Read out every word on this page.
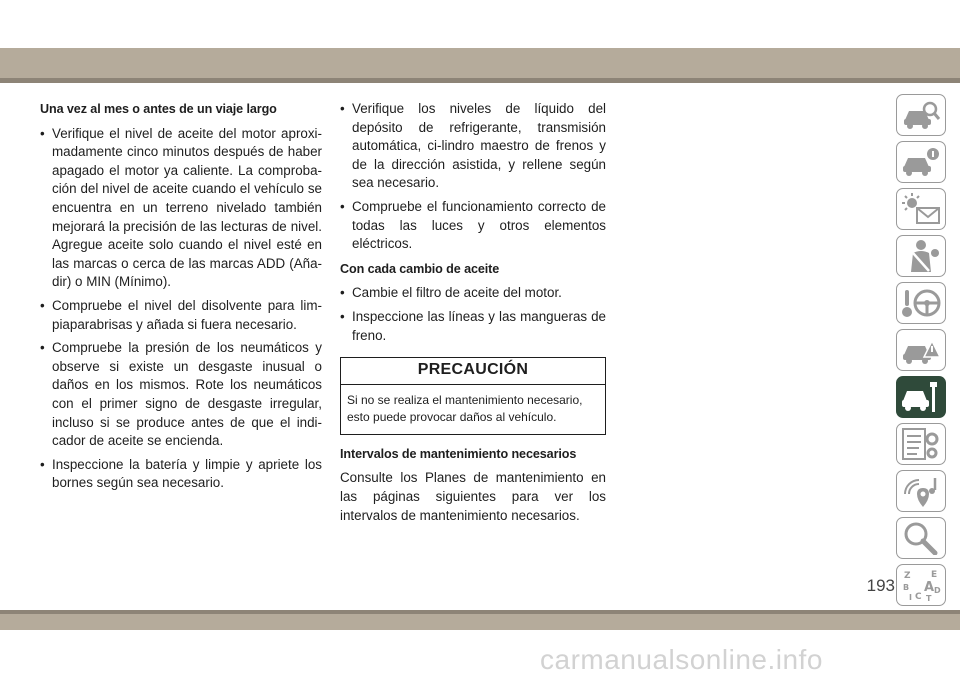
Una vez al mes o antes de un viaje largo
• Verifique el nivel de aceite del motor aproxi-madamente cinco minutos después de haber apagado el motor ya caliente. La comproba-ción del nivel de aceite cuando el vehículo se encuentra en un terreno nivelado también mejorará la precisión de las lecturas de nivel. Agregue aceite solo cuando el nivel esté en las marcas o cerca de las marcas ADD (Aña-dir) o MIN (Mínimo).
• Compruebe el nivel del disolvente para lim-piaparabrisas y añada si fuera necesario.
• Compruebe la presión de los neumáticos y observe si existe un desgaste inusual o daños en los mismos. Rote los neumáticos con el primer signo de desgaste irregular, incluso si se produce antes de que el indi-cador de aceite se encienda.
• Inspeccione la batería y limpie y apriete los bornes según sea necesario.
• Verifique los niveles de líquido del depósito de refrigerante, transmisión automática, ci-lindro maestro de frenos y de la dirección asistida, y rellene según sea necesario.
• Compruebe el funcionamiento correcto de todas las luces y otros elementos eléctricos.
Con cada cambio de aceite
• Cambie el filtro de aceite del motor.
• Inspeccione las líneas y las mangueras de freno.
PRECAUCIÓN
Si no se realiza el mantenimiento necesario, esto puede provocar daños al vehículo.
Intervalos de mantenimiento necesarios
Consulte los Planes de mantenimiento en las páginas siguientes para ver los intervalos de mantenimiento necesarios.
Z E
B A D
C
I T
193
carmanualsonline.info
